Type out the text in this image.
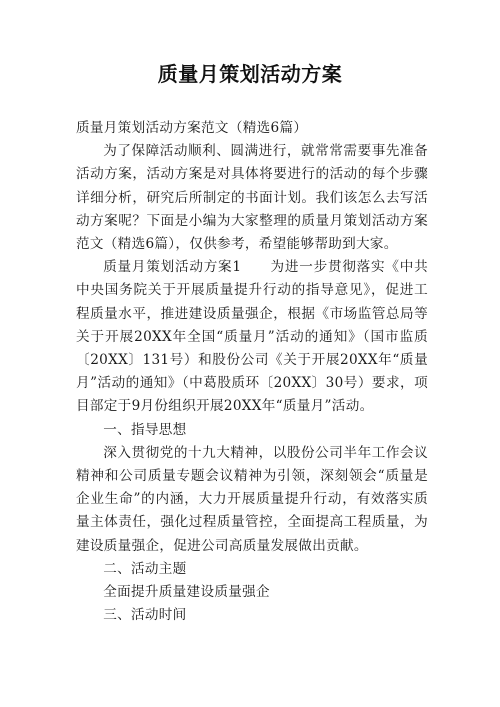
质量月策划活动方案

质量月策划活动方案范文（精选6篇）

为了保障活动顺利、圆满进行，就常常需要事先准备活动方案，活动方案是对具体将要进行的活动的每个步骤详细分析，研究后所制定的书面计划。我们该怎么去写活动方案呢？下面是小编为大家整理的质量月策划活动方案范文（精选6篇），仅供参考，希望能够帮助到大家。

质量月策划活动方案1　　为进一步贯彻落实《中共中央国务院关于开展质量提升行动的指导意见》，促进工程质量水平，推进建设质量强企，根据《市场监管总局等关于开展20XX年全国“质量月”活动的通知》（国市监质〔20XX〕131号）和股份公司《关于开展20XX年“质量月”活动的通知》（中葛股质环〔20XX〕30号）要求，项目部定于9月份组织开展20XX年“质量月”活动。

一、指导思想

深入贯彻党的十九大精神，以股份公司半年工作会议精神和公司质量专题会议精神为引领，深刻领会“质量是企业生命”的内涵，大力开展质量提升行动，有效落实质量主体责任，强化过程质量管控，全面提高工程质量，为建设质量强企，促进公司高质量发展做出贡献。

二、活动主题

全面提升质量建设质量强企

三、活动时间
